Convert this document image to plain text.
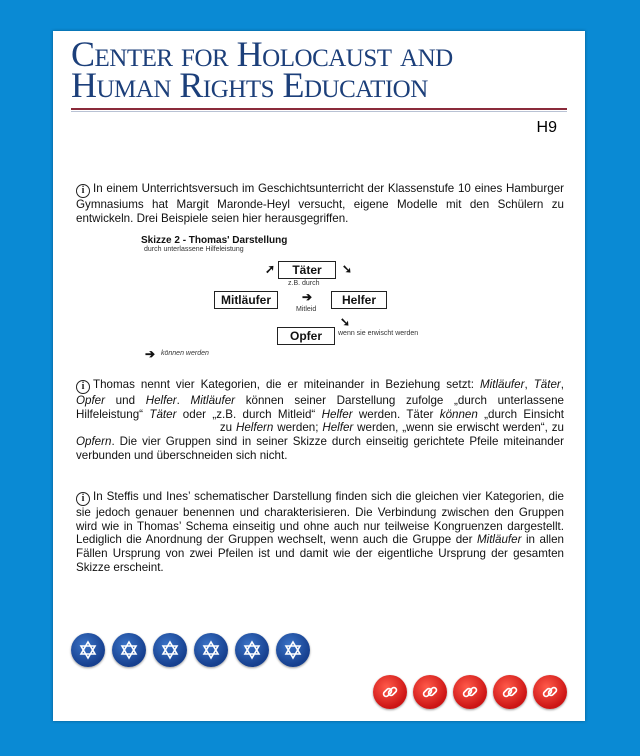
Center for Holocaust and
Human Rights Education
H9

i In einem Unterrichtsversuch im Geschichtsunterricht der Klassenstufe 10 eines Hamburger Gymnasiums hat Margit Maronde-Heyl versucht, eigene Modelle mit den Schülern zu entwickeln. Drei Beispiele seien hier herausgegriffen.

Skizze 2 - Thomas' Darstellung
durch unterlassene Hilfeleistung
Täter
Mitläufer	Helfer
Opfer
z.B. durch
Mitleid
wenn sie erwischt werden
können werden
➚	➘
➔
➘
➔

i Thomas nennt vier Kategorien, die er miteinander in Beziehung setzt: Mitläufer, Täter, Opfer und Helfer. Mitläufer können seiner Darstellung zufolge „durch unterlassene Hilfeleistung“ Täter oder „z.B. durch Mitleid“ Helfer werden. Täter können „durch Einsicht zu Helfern werden; Helfer werden, „wenn sie erwischt werden“, zu Opfern. Die vier Gruppen sind in seiner Skizze durch einseitig gerichtete Pfeile miteinander verbunden und überschneiden sich nicht.

i In Steffis und Ines’ schematischer Darstellung finden sich die gleichen vier Kategorien, die sie jedoch genauer benennen und charakterisieren. Die Verbindung zwischen den Gruppen wird wie in Thomas’ Schema einseitig und ohne auch nur teilweise Kongruenzen dargestellt. Lediglich die Anordnung der Gruppen wechselt, wenn auch die Gruppe der Mitläufer in allen Fällen Ursprung von zwei Pfeilen ist und damit wie der eigentliche Ursprung der gesamten Skizze erscheint.
